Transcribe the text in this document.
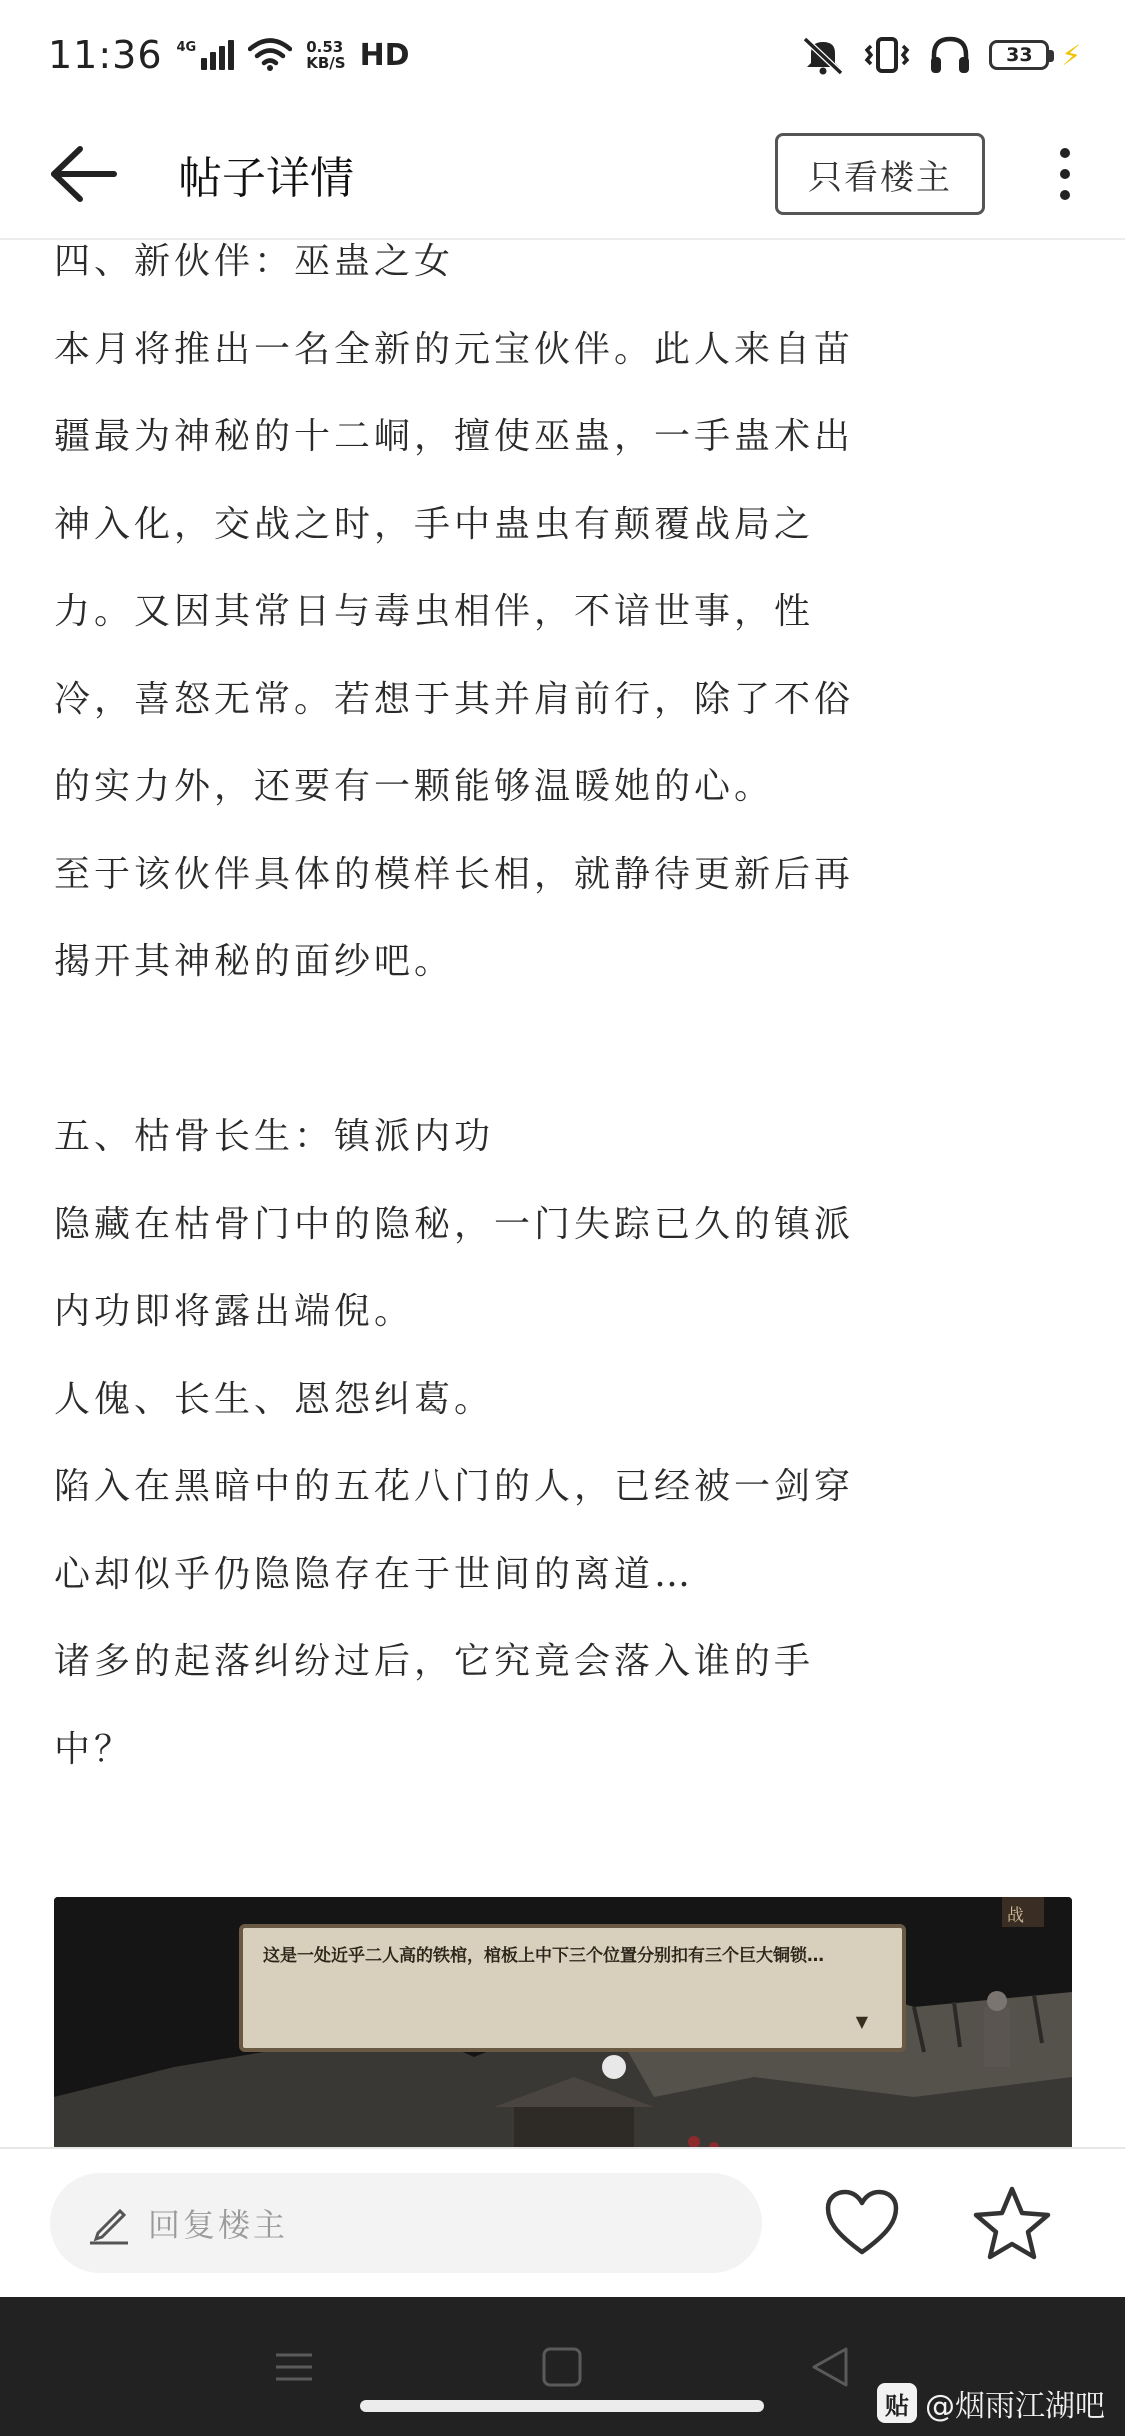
11:36 4G	0.53
KB/S HD	33 ⚡
帖子详情	只看楼主
四、新伙伴：巫蛊之女
本月将推出一名全新的元宝伙伴。此人来自苗
疆最为神秘的十二峒，擅使巫蛊，一手蛊术出
神入化，交战之时，手中蛊虫有颠覆战局之
力。又因其常日与毒虫相伴，不谙世事，性
冷，喜怒无常。若想于其并肩前行，除了不俗
的实力外，还要有一颗能够温暖她的心。
至于该伙伴具体的模样长相，就静待更新后再
揭开其神秘的面纱吧。
五、枯骨长生：镇派内功
隐藏在枯骨门中的隐秘，一门失踪已久的镇派
内功即将露出端倪。
人傀、长生、恩怨纠葛。
陷入在黑暗中的五花八门的人，已经被一剑穿
心却似乎仍隐隐存在于世间的离道…
诸多的起落纠纷过后，它究竟会落入谁的手
中？
这是一处近乎二人高的铁棺，棺板上中下三个位置分别扣有三个巨大铜锁…
▼
战
回复楼主
贴 @烟雨江湖吧
